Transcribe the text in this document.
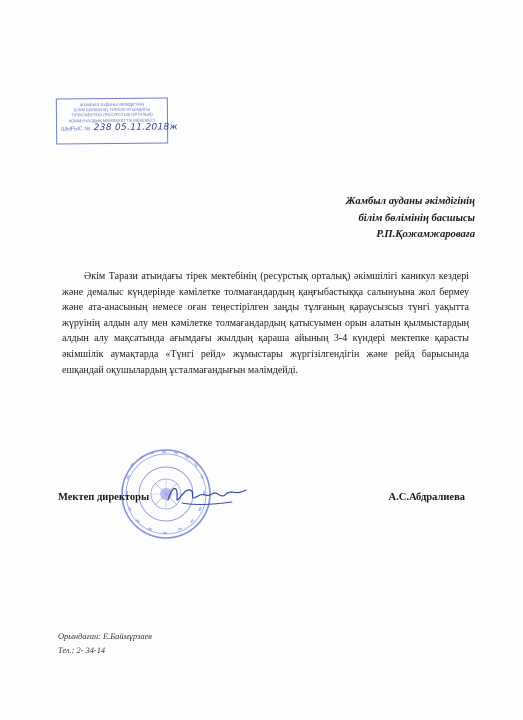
ЖАМБЫЛ АУДАНЫ ӘКІМДІГІНІҢ
БІЛІМ БӨЛІМІНІҢ ТӘРАЗИ АТЫНДАҒЫ
ТІРЕК МЕКТЕБІ (РЕСУРСТЫҚ ОРТАЛЫҚ)
КОММУНАЛДЫҚ МЕМЛЕКЕТТІК МЕКЕМЕСІ
ШЫҒЫС № 238 05.11.2018ж
Жамбыл ауданы әкімдігінің
білім бөлімінің басшысы
Р.П.Қожамжароваға

Әкім Тарази атындағы тірек мектебінің (ресурстық орталық) әкімшілігі каникул кездері және демалыс күндерінде кәмілетке толмағандардың қаңғыбастыққа салынуына жол бермеу және ата-анасының немесе оған теңестірілген заңды тұлғаның қараусызсыз түнгі уақытта жүруінің алдын алу мен кәмілетке толмағандардың қатысуымен орын алатын қылмыстардың алдын алу мақсатында ағымдағы жылдың қараша айының 3-4 күндері мектепке қарасты әкімшілік аумақтарда «Түнгі рейд» жұмыстары жүргізілгендігін және рейд барысында ешқандай оқушылардың ұсталмағандығын мәлімдейді.

Мектеп директоры	А.С.Абдралиева
Орындаған: Е.Баймұрзаев
Тел.: 2- 34-14
